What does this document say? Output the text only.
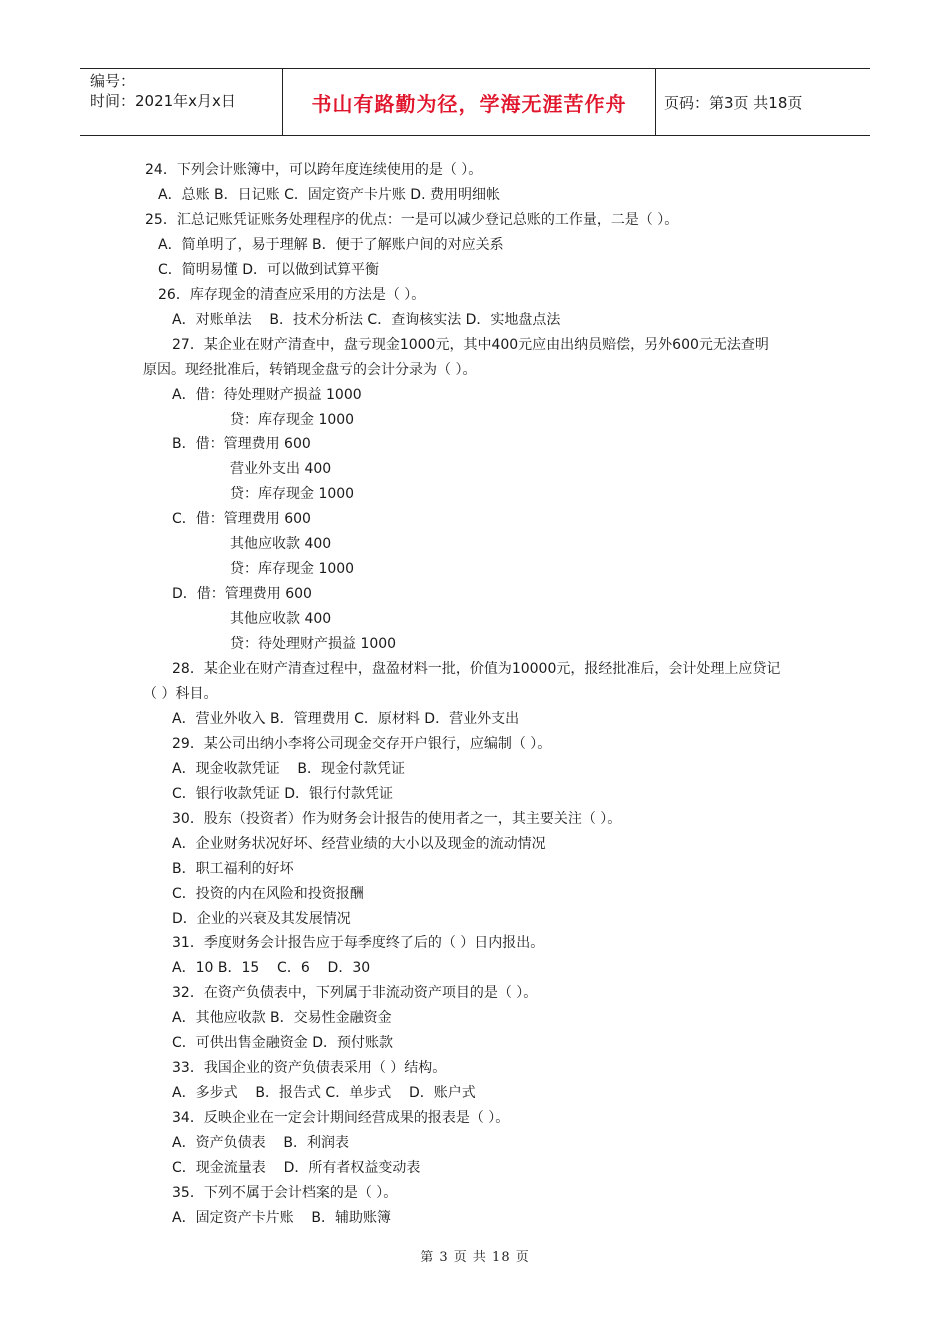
编号：
时间：2021年x月x日	书山有路勤为径，学海无涯苦作舟	页码：第3页 共18页
24．下列会计账簿中，可以跨年度连续使用的是（ ）。
A．总账 B．日记账 C．固定资产卡片账 D. 费用明细帐
25．汇总记账凭证账务处理程序的优点：一是可以减少登记总账的工作量，二是（ ）。
A．简单明了，易于理解 B．便于了解账户间的对应关系
C．简明易懂 D．可以做到试算平衡
26．库存现金的清查应采用的方法是（ ）。
A．对账单法    B．技术分析法 C．查询核实法 D．实地盘点法
27．某企业在财产清查中，盘亏现金1000元，其中400元应由出纳员赔偿，另外600元无法查明
原因。现经批准后，转销现金盘亏的会计分录为（ ）。
A．借：待处理财产损益 1000
贷：库存现金 1000
B．借：管理费用 600
营业外支出 400
贷：库存现金 1000
C．借：管理费用 600
其他应收款 400
贷：库存现金 1000
D．借：管理费用 600
其他应收款 400
贷：待处理财产损益 1000
28．某企业在财产清查过程中，盘盈材料一批，价值为10000元，报经批准后，会计处理上应贷记
（ ）科目。
A．营业外收入 B．管理费用 C．原材料 D．营业外支出
29．某公司出纳小李将公司现金交存开户银行，应编制（ ）。
A．现金收款凭证    B．现金付款凭证
C．银行收款凭证 D．银行付款凭证
30．股东（投资者）作为财务会计报告的使用者之一，其主要关注（ ）。
A．企业财务状况好坏、经营业绩的大小以及现金的流动情况
B．职工福利的好坏
C．投资的内在风险和投资报酬
D．企业的兴衰及其发展情况
31．季度财务会计报告应于每季度终了后的（ ）日内报出。
A．10 B．15    C．6    D．30
32．在资产负债表中，下列属于非流动资产项目的是（ ）。
A．其他应收款 B．交易性金融资金
C．可供出售金融资金 D．预付账款
33．我国企业的资产负债表采用（ ）结构。
A．多步式    B．报告式 C．单步式    D．账户式
34．反映企业在一定会计期间经营成果的报表是（ ）。
A．资产负债表    B．利润表
C．现金流量表    D．所有者权益变动表
35．下列不属于会计档案的是（ ）。
A．固定资产卡片账    B．辅助账簿
第 3 页 共 18 页
